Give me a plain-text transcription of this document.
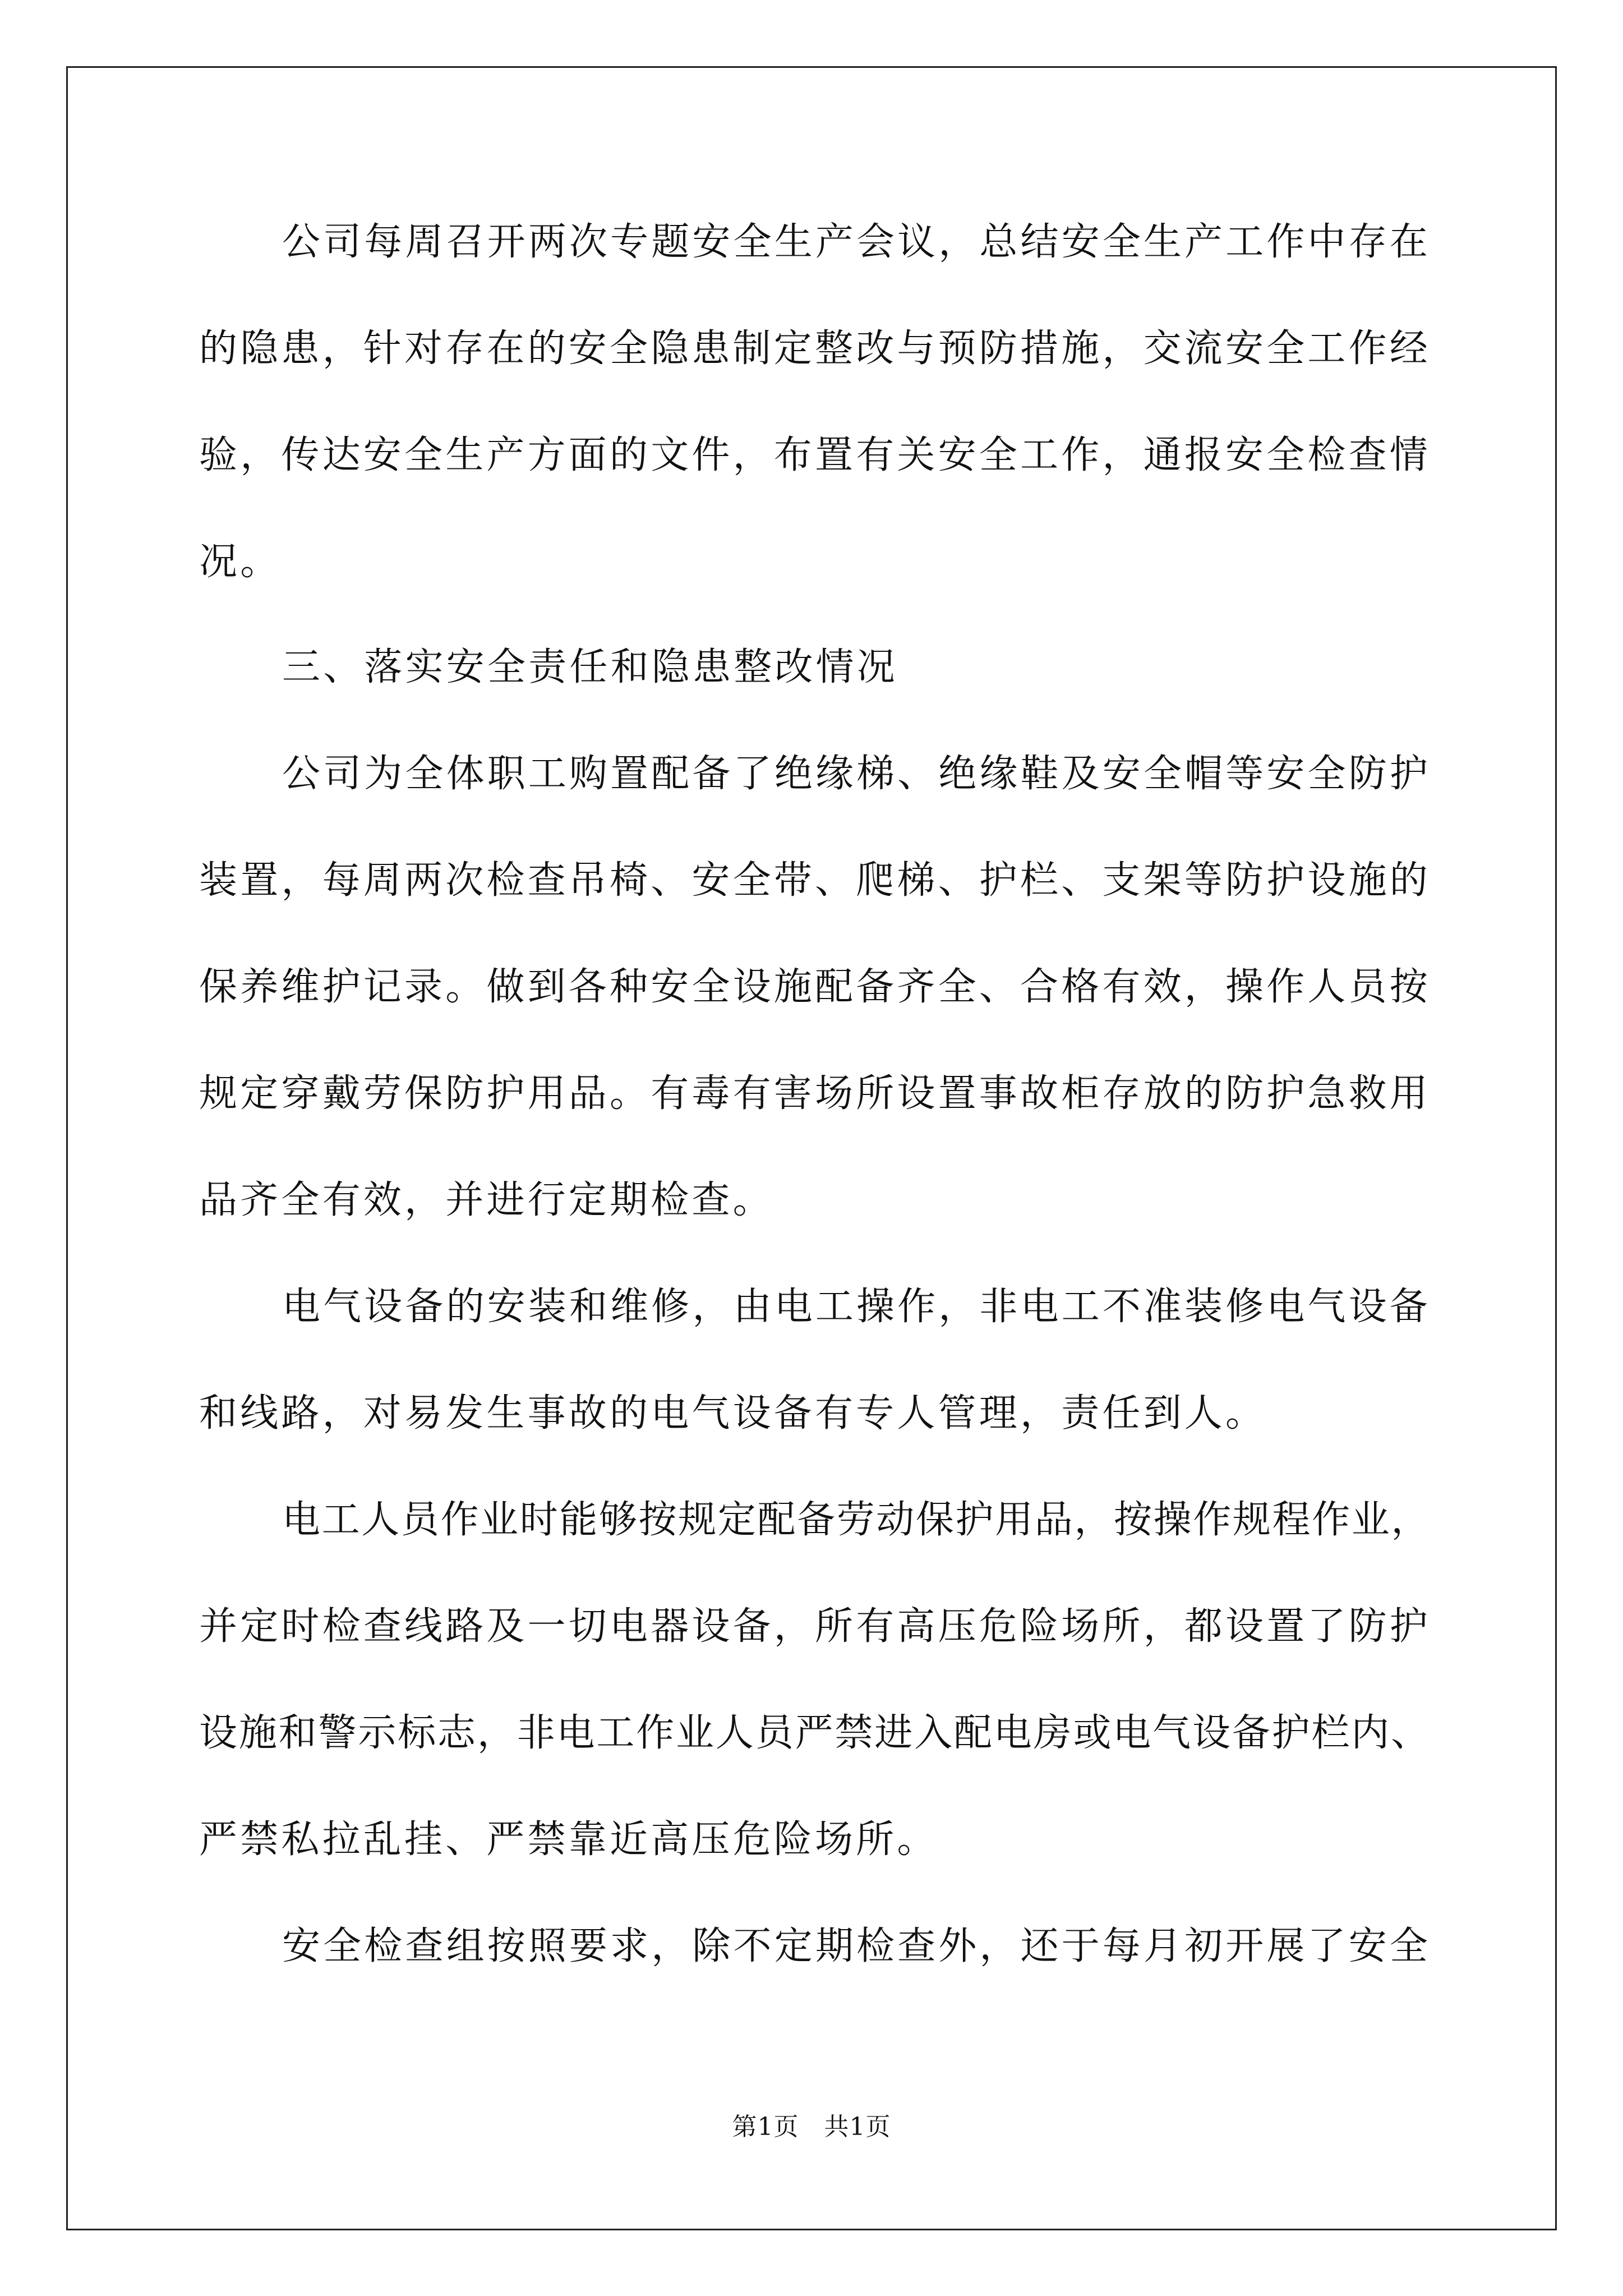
公司每周召开两次专题安全生产会议，总结安全生产工作中存在
的隐患，针对存在的安全隐患制定整改与预防措施，交流安全工作经
验，传达安全生产方面的文件，布置有关安全工作，通报安全检查情
况。
三、落实安全责任和隐患整改情况
公司为全体职工购置配备了绝缘梯、绝缘鞋及安全帽等安全防护
装置，每周两次检查吊椅、安全带、爬梯、护栏、支架等防护设施的
保养维护记录。做到各种安全设施配备齐全、合格有效，操作人员按
规定穿戴劳保防护用品。有毒有害场所设置事故柜存放的防护急救用
品齐全有效，并进行定期检查。
电气设备的安装和维修，由电工操作，非电工不准装修电气设备
和线路，对易发生事故的电气设备有专人管理，责任到人。
电工人员作业时能够按规定配备劳动保护用品，按操作规程作业，
并定时检查线路及一切电器设备，所有高压危险场所，都设置了防护
设施和警示标志，非电工作业人员严禁进入配电房或电气设备护栏内、
严禁私拉乱挂、严禁靠近高压危险场所。
安全检查组按照要求，除不定期检查外，还于每月初开展了安全
第1页　共1页
